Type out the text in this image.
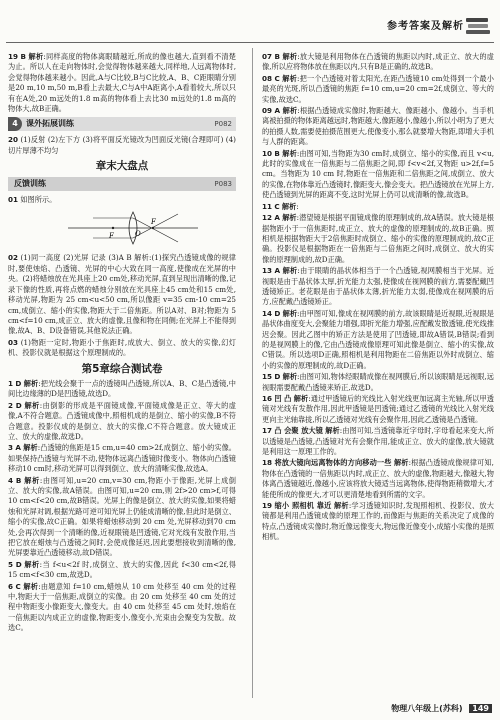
参考答案及解析

19 B 解析:同样高度的物体离眼睛越近,所成的像也越大,直到看不清楚为止。所以人在走向物体时,会觉得物体越来越大,同样地,人远离物体时,会觉得物体越来越小。因此,A与C比较,B与C比较,A、B、C距眼睛分别是20 m,10 m,50 m,B看上去最大,C与A中A距离小,A看着较大,所以只有在A处,20 m远处的1.8 m高的物体看上去比30 m远处的1.8 m高的物体大,故B正确。

4	课外拓展训练	P082

20 (1)反射 (2)左下方 (3)将平面反光镜改为凹面反光镜(合理即可) (4)切片厚薄不均匀

章末大盘点
反馈训练	P083

01 如图所示。

F	O
F

02 (1)同一高度 (2)光屏 记录 (3)A B 解析:(1)探究凸透镜成像的规律时,要使烛焰、凸透镜、光屏的中心大致在同一高度,使像成在光屏的中央。(2)将蜡烛放在光具座上20 cm处,移动光屏,直到呈现出清晰的像,记录下像的性质,再将点燃的蜡烛分别放在光具座上45 cm处和15 cm处,移动光屏,物距为 25 cm<u<50 cm,所以像距 v=35 cm-10 cm=25 cm,成倒立、缩小的实像,物距大于二倍焦距。所以A对、B对;物距为 5 cm<f=10 cm,成正立、放大的虚像,且像和物在同侧;在光屏上不能得到像,故A、B、D设备错误,其他说法正确。

03 (1)物距一定时,物距小于焦距时,成放大、倒立、放大的实像,幻灯机、投影仪就是根据这个原理制成的。

第5章综合测试卷

1 D 解析:把光线会聚于一点的透镜叫凸透镜,所以A、B、C是凸透镜,中间比边缘薄的D是凹透镜,故选D。

2 D 解析:由倒影的形成是平面镜成像,平面镜成像是正立、等大的虚像,A不符合题意。凸透镜成像中,照相机成的是倒立、缩小的实像,B不符合题意。投影仪成的是倒立、放大的实像,C不符合题意。放大镜成正立、放大的虚像,故选D。

3 A 解析:凸透镜的焦距是15 cm,u=40 cm>2f,成倒立、缩小的实像。如果保持凸透镜与光屏不动,使物体远离凸透镜时像变小。物体向凸透镜移动10 cm时,移动光屏可以得到倒立、放大的清晰实像,故选A。

4 B 解析:由图可知,u=20 cm,v=30 cm,物距小于像距,光屏上成倒立、放大的实像,故A错误。由图可知,u=20 cm,则 2f>20 cm>f,可得 10 cm<f<20 cm,故B错误。光屏上的像是倒立、放大的实像,如果将蜡烛和光屏对调,根据光路可逆可知光屏上仍能成清晰的像,但此时是倒立、缩小的实像,故C正确。如果将蜡烛移动到 20 cm 处,光屏移动到70 cm处,会再次得到一个清晰的像,近视眼镜是凹透镜,它对光线有发散作用,当把它放在蜡烛与凸透镜之间时,会使成像延迟,因此要想接收到清晰的像,光屏要靠近凸透镜移动,故D错误。

5 D 解析:当 f<u<2f 时,成倒立、放大的实像,因此 f<30 cm<2f,得 15 cm<f<30 cm,故选D。

6 C 解析:由题意知 f=10 cm,蜡烛从 10 cm 处移至 40 cm 处的过程中,物距大于一倍焦距,成倒立的实像。由 20 cm 处移至 40 cm 处的过程中物距变小像距变大,像变大。由 40 cm 处移至 45 cm 处时,烛焰在一倍焦距以内成正立的虚像,物距变小,像变小,光束由会聚变为发散。故选C。

07 B 解析:放大镜是利用物体在凸透镜的焦距以内时,成正立、放大的虚像,所以应将物体放在焦距以内,只有B是正确的,故选B。

08 C 解析:把一个凸透镜对着太阳光,在距凸透镜10 cm处得到一个最小最亮的光斑,所以凸透镜的焦距 f=10 cm,u=20 cm=2f,成倒立、等大的实像,故选C。

09 A 解析:根据凸透镜成实像时,物距越大、像距越小、像越小。当手机离被拍摄的物体距离越远时,物距越大,像距越小,像越小,所以小明为了更大的拍摄人数,需要使拍摄范围更大,使像变小,那么就要增大物距,即增大手机与人群的距离。

10 B 解析:由图可知,当物距为30 cm时,成倒立、缩小的实像,而且 v<u,此时的实像成在一倍焦距与二倍焦距之间,即 f<v<2f,又物距 u>2f,f=5 cm。当物距为 10 cm 时,物距在一倍焦距和二倍焦距之间,成倒立、放大的实像,在物体靠近凸透镜时,像距变大,像会变大。把凸透镜放在光屏上方,使凸透镜到光屏的距离不变,这时光屏上仍可以成清晰的像,故选B。

11 C 解析:

12 A 解析:潜望镜是根据平面镜成像的原理制成的,故A错误。放大镜是根据物距小于一倍焦距时,成正立、放大的虚像的原理制成的,故B正确。照相机是根据物距大于2倍焦距时成倒立、缩小的实像的原理制成的,故C正确。投影仪是根据物距在一倍焦距与二倍焦距之间时,成倒立、放大的实像的原理制成的,故D正确。

13 A 解析:由于眼睛的晶状体相当于一个凸透镜,视网膜相当于光屏。近视眼是由于晶状体太厚,折光能力太强,使像成在视网膜的前方,需要配戴凹透镜矫正。老花眼是由于晶状体太薄,折光能力太弱,使像成在视网膜的后方,应配戴凸透镜矫正。

14 D 解析:由甲图可知,像成在视网膜的前方,故该眼睛是近视眼,近视眼是晶状体曲度变大,会聚能力增强,即折光能力增强,应配戴发散透镜,使光线推迟会聚。因此乙图中的矫正方法是使用了凹透镜,即故A错误,B错误;看到的是视网膜上的像,它由凸透镜成像原理可知此像是倒立、缩小的实像,故C错误。所以选项D正确,照相机是利用物距在二倍焦距以外时成倒立、缩小的实像的原理制成的,故D正确。

15 D 解析:由图可知,物体经眼睛成像在视网膜后,所以该眼睛是远视眼,远视眼需要配戴凸透镜来矫正,故选D。

16 凹 凸 解析:通过甲透镜后的光线比入射光线更加远离主光轴,所以甲透镜对光线有发散作用,因此甲透镜是凹透镜;通过乙透镜的光线比入射光线更向主光轴靠拢,所以乙透镜对光线有会聚作用,因此乙透镜是凸透镜。

17 凸 会聚 放大镜 解析:由图可知,当透镜靠近字母时,字母看起来变大,所以透镜是凸透镜,凸透镜对光有会聚作用,能成正立、放大的虚像,放大镜就是利用这一原理工作的。

18 将放大镜向远离物体的方向移动一些 解析:根据凸透镜成像规律可知,物体在凸透镜的一倍焦距以内时,成正立、放大的虚像,物距越大,像越大,物体离凸透镜越近,像越小,应该将放大镜适当远离物体,使得物距稍微增大,才能使所成的像更大,才可以更清楚地看到所需的文字。

19 缩小 照相机 靠近 解析:学习透镜知识时,发现照相机、投影仪、放大镜都是利用凸透镜成像的原理工作的,而像距与焦距的关系决定了成像的特点,凸透镜成实像时,物近像远像变大,物远像近像变小,成缩小实像的是照相机。

物理八年级上(苏科) 149
